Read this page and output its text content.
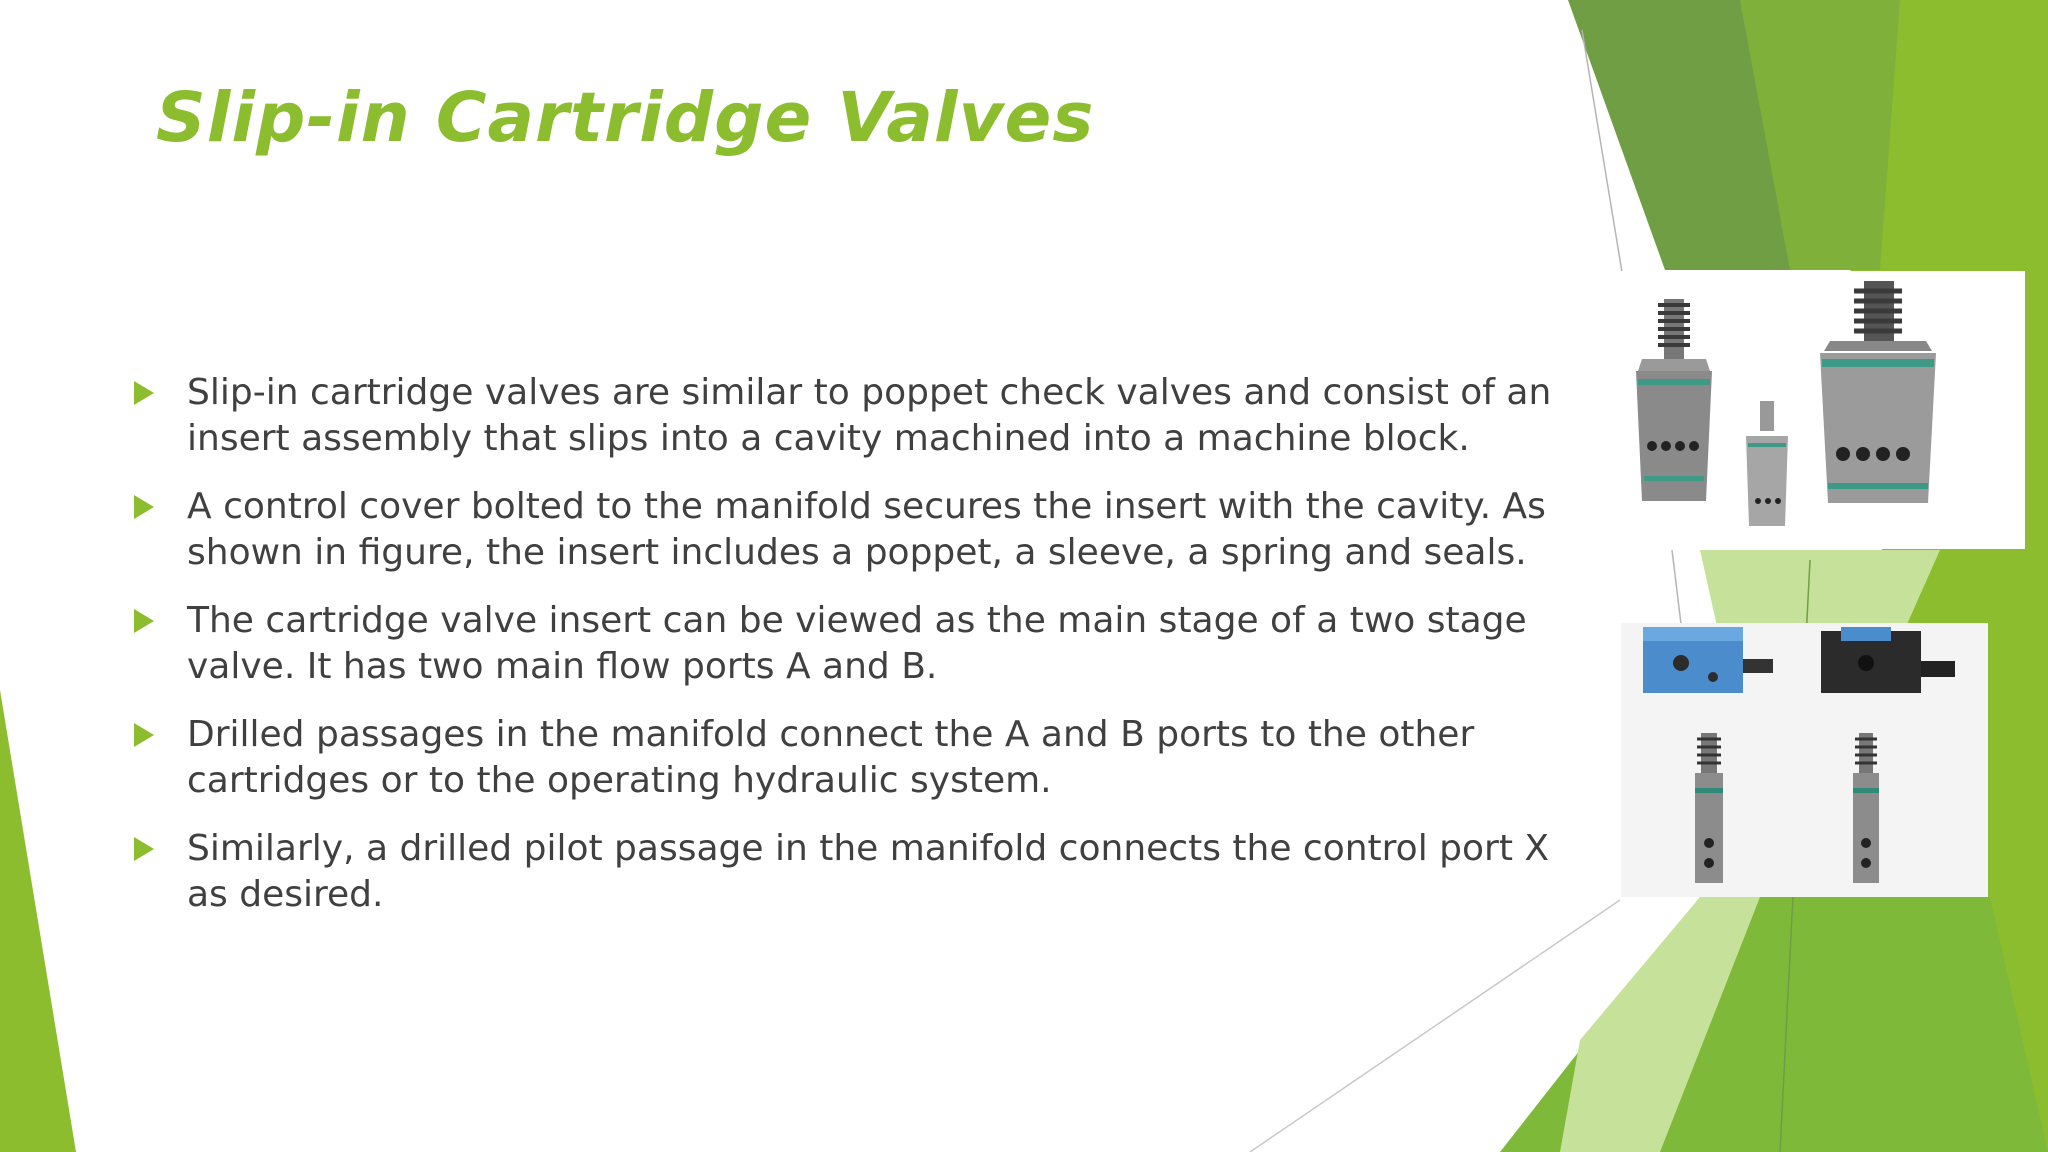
Slip-in Cartridge Valves
Slip-in cartridge valves are similar to poppet check valves and consist of an insert assembly that slips into a cavity machined into a machine block.
A control cover bolted to the manifold secures the insert with the cavity. As shown in figure, the insert includes a poppet, a sleeve, a spring and seals.
The cartridge valve insert can be viewed as the main stage of a two stage valve. It has two main flow ports A and B.
Drilled passages in the manifold connect the A and B ports to the other cartridges or to the operating hydraulic system.
Similarly, a drilled pilot passage in the manifold connects the control port X as desired.
